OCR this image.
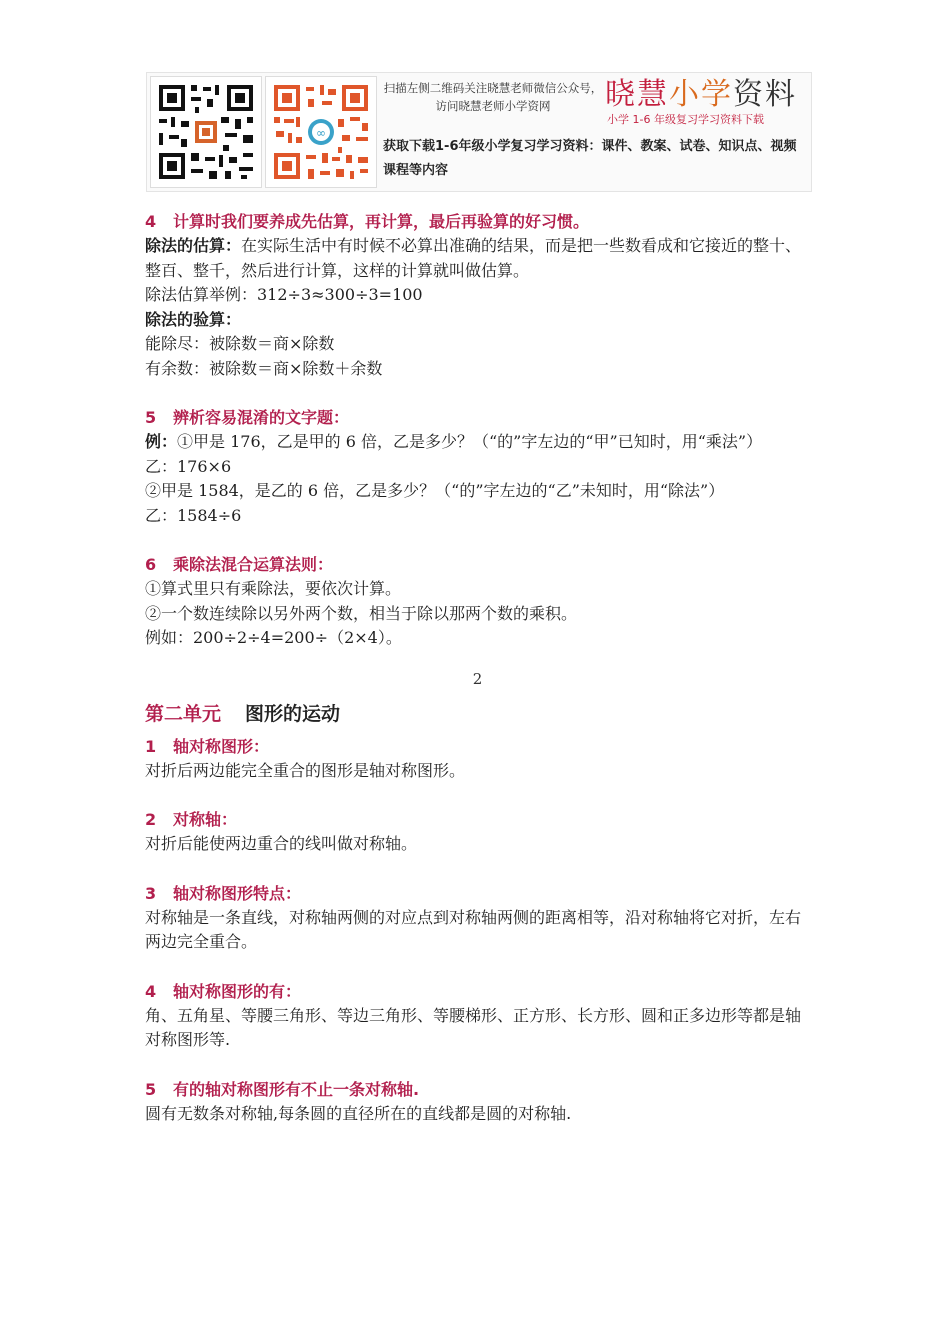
∞
扫描左侧二维码关注晓慧老师微信公众号，访问晓慧老师小学资网
获取下载1-6年级小学复习学习资料：课件、教案、试卷、知识点、视频课程等内容
晓慧小学资料
小学 1-6 年级复习学习资料下载

4 计算时我们要养成先估算，再计算，最后再验算的好习惯。

除法的估算：在实际生活中有时候不必算出准确的结果，而是把一些数看成和它接近的整十、整百、整千，然后进行计算，这样的计算就叫做估算。

除法估算举例：312÷3≈300÷3=100

除法的验算：

能除尽：被除数＝商×除数

有余数：被除数＝商×除数＋余数

5 辨析容易混淆的文字题：

例：①甲是 176，乙是甲的 6 倍，乙是多少？（“的”字左边的“甲”已知时，用“乘法”）

乙：176×6

②甲是 1584，是乙的 6 倍，乙是多少？（“的”字左边的“乙”未知时，用“除法”）

乙：1584÷6

6 乘除法混合运算法则：

①算式里只有乘除法，要依次计算。

②一个数连续除以另外两个数，相当于除以那两个数的乘积。

例如：200÷2÷4=200÷（2×4）。

2

第二单元 图形的运动

1 轴对称图形：

对折后两边能完全重合的图形是轴对称图形。

2 对称轴：

对折后能使两边重合的线叫做对称轴。

3 轴对称图形特点：

对称轴是一条直线，对称轴两侧的对应点到对称轴两侧的距离相等，沿对称轴将它对折，左右两边完全重合。

4 轴对称图形的有：

角、五角星、等腰三角形、等边三角形、等腰梯形、正方形、长方形、圆和正多边形等都是轴对称图形等.

5 有的轴对称图形有不止一条对称轴.

圆有无数条对称轴,每条圆的直径所在的直线都是圆的对称轴.
